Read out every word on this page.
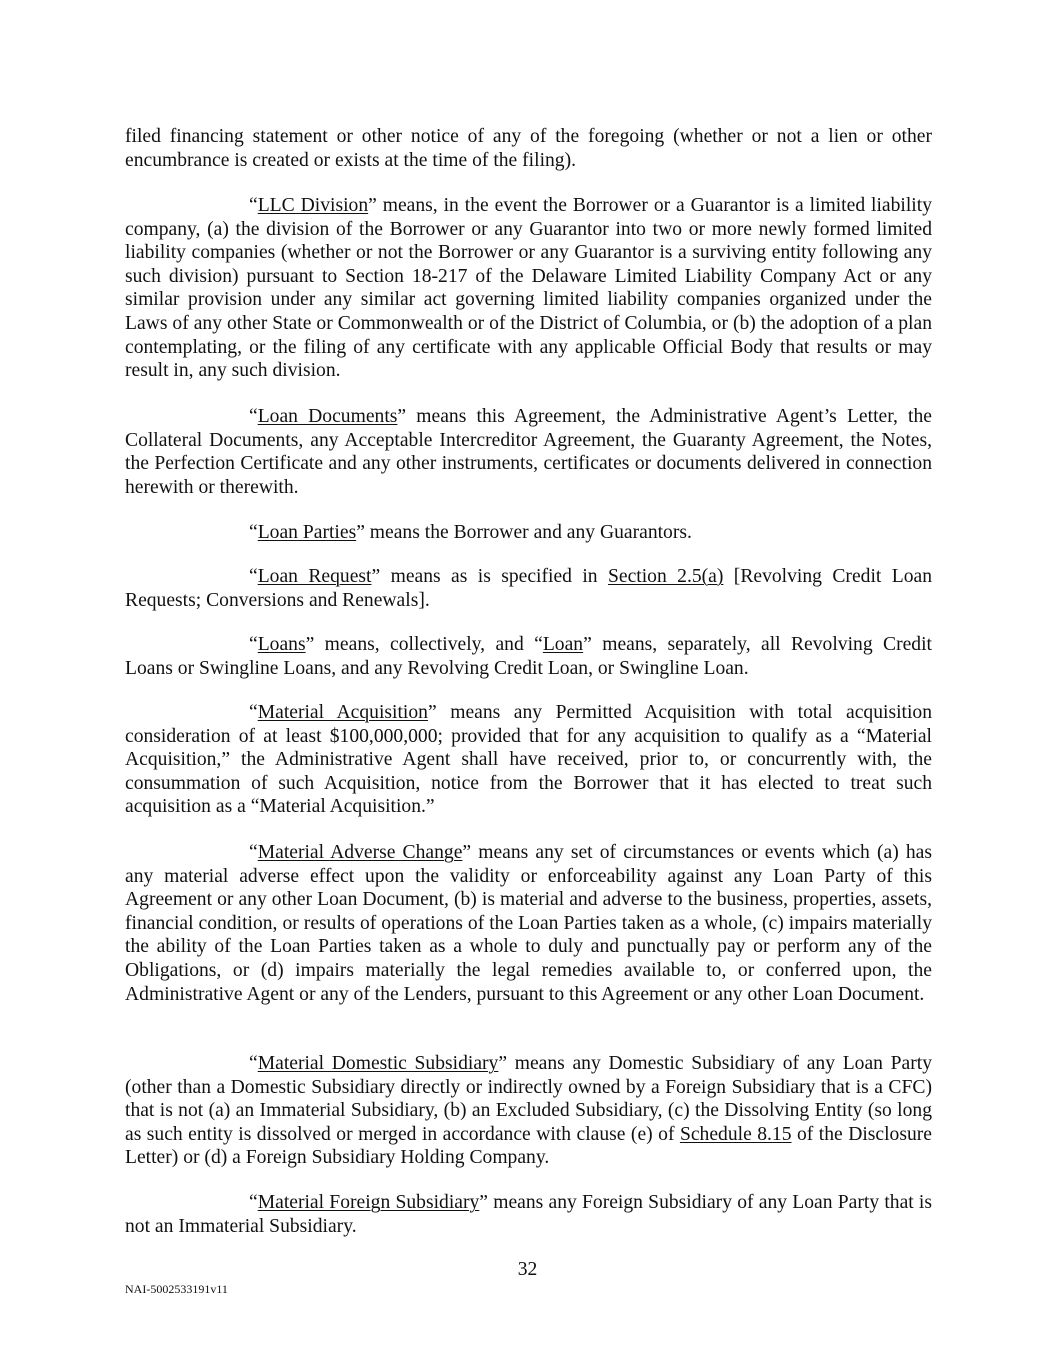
filed financing statement or other notice of any of the foregoing (whether or not a lien or other encumbrance is created or exists at the time of the filing).

“LLC Division” means, in the event the Borrower or a Guarantor is a limited liability company, (a) the division of the Borrower or any Guarantor into two or more newly formed limited liability companies (whether or not the Borrower or any Guarantor is a surviving entity following any such division) pursuant to Section 18-217 of the Delaware Limited Liability Company Act or any similar provision under any similar act governing limited liability companies organized under the Laws of any other State or Commonwealth or of the District of Columbia, or (b) the adoption of a plan contemplating, or the filing of any certificate with any applicable Official Body that results or may result in, any such division.

“Loan Documents” means this Agreement, the Administrative Agent’s Letter, the Collateral Documents, any Acceptable Intercreditor Agreement, the Guaranty Agreement, the Notes, the Perfection Certificate and any other instruments, certificates or documents delivered in connection herewith or therewith.

“Loan Parties” means the Borrower and any Guarantors.

“Loan Request” means as is specified in Section 2.5(a) [Revolving Credit Loan Requests; Conversions and Renewals].

“Loans” means, collectively, and “Loan” means, separately, all Revolving Credit Loans or Swingline Loans, and any Revolving Credit Loan, or Swingline Loan.

“Material Acquisition” means any Permitted Acquisition with total acquisition consideration of at least $100,000,000; provided that for any acquisition to qualify as a “Material Acquisition,” the Administrative Agent shall have received, prior to, or concurrently with, the consummation of such Acquisition, notice from the Borrower that it has elected to treat such acquisition as a “Material Acquisition.”

“Material Adverse Change” means any set of circumstances or events which (a) has any material adverse effect upon the validity or enforceability against any Loan Party of this Agreement or any other Loan Document, (b) is material and adverse to the business, properties, assets, financial condition, or results of operations of the Loan Parties taken as a whole, (c) impairs materially the ability of the Loan Parties taken as a whole to duly and punctually pay or perform any of the Obligations, or (d) impairs materially the legal remedies available to, or conferred upon, the Administrative Agent or any of the Lenders, pursuant to this Agreement or any other Loan Document.

“Material Domestic Subsidiary” means any Domestic Subsidiary of any Loan Party (other than a Domestic Subsidiary directly or indirectly owned by a Foreign Subsidiary that is a CFC) that is not (a) an Immaterial Subsidiary, (b) an Excluded Subsidiary, (c) the Dissolving Entity (so long as such entity is dissolved or merged in accordance with clause (e) of Schedule 8.15 of the Disclosure Letter) or (d) a Foreign Subsidiary Holding Company.

“Material Foreign Subsidiary” means any Foreign Subsidiary of any Loan Party that is not an Immaterial Subsidiary.

32
NAI-5002533191v11
